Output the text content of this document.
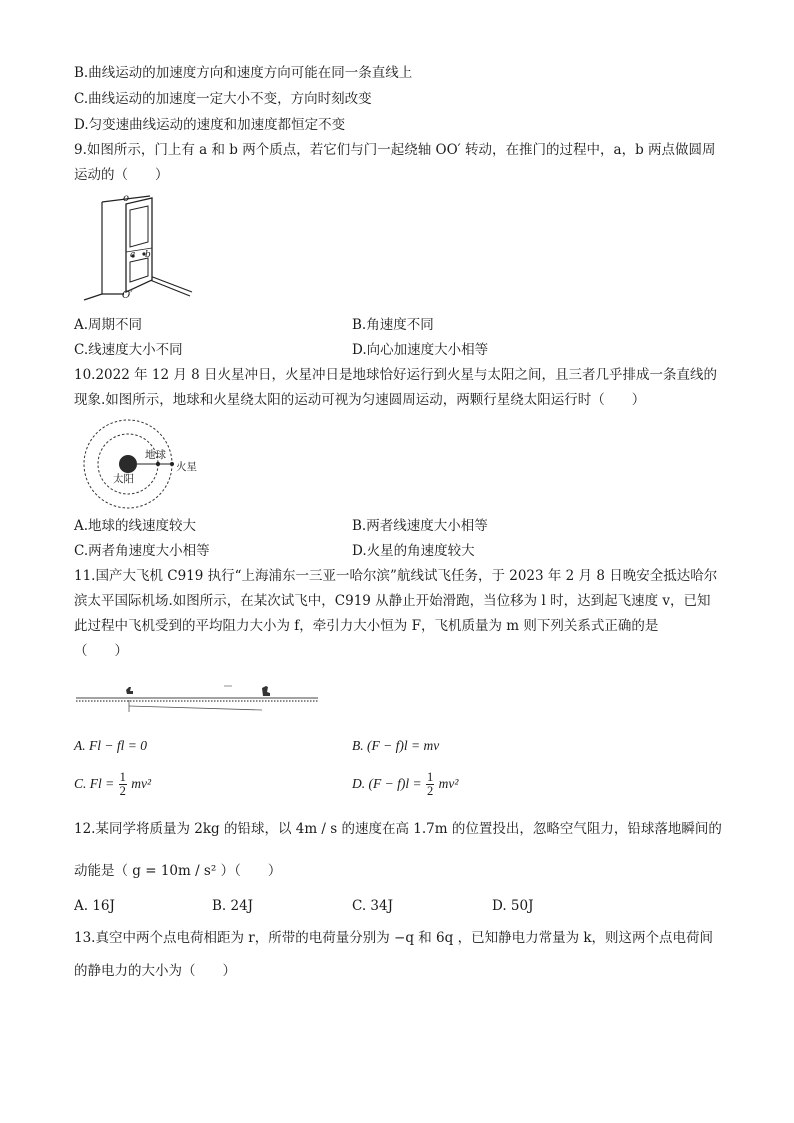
B.曲线运动的加速度方向和速度方向可能在同一条直线上
C.曲线运动的加速度一定大小不变，方向时刻改变
D.匀变速曲线运动的速度和加速度都恒定不变
9.如图所示，门上有 a 和 b 两个质点，若它们与门一起绕轴 OO′ 转动，在推门的过程中，a，b 两点做圆周
运动的（　　）
o
O′
a b
A.周期不同	B.角速度不同
C.线速度大小不同	D.向心加速度大小相等
10.2022 年 12 月 8 日火星冲日，火星冲日是地球恰好运行到火星与太阳之间，且三者几乎排成一条直线的
现象.如图所示，地球和火星绕太阳的运动可视为匀速圆周运动，两颗行星绕太阳运行时（　　）
地球
火星
太阳
A.地球的线速度较大	B.两者线速度大小相等
C.两者角速度大小相等	D.火星的角速度较大
11.国产大飞机 C919 执行“上海浦东一三亚一哈尔滨”航线试飞任务，于 2023 年 2 月 8 日晚安全抵达哈尔
滨太平国际机场.如图所示，在某次试飞中，C919 从静止开始滑跑，当位移为 l 时，达到起飞速度 v，已知
此过程中飞机受到的平均阻力大小为 f，牵引力大小恒为 F，飞机质量为 m 则下列关系式正确的是
（　　）
A. Fl − fl = 0	B. (F − f)l = mv
C. $Fl = \frac{1}{2} mv^2$	D. $(F - f)l = \frac{1}{2} mv^2$
12.某同学将质量为 2kg 的铅球，以 4m / s 的速度在高 1.7m 的位置投出，忽略空气阻力，铅球落地瞬间的
动能是（ g = 10m / s² ）（　　）
A. 16J	B. 24J	C. 34J	D. 50J
13.真空中两个点电荷相距为 r，所带的电荷量分别为 −q 和 6q ，已知静电力常量为 k，则这两个点电荷间
的静电力的大小为（　　）
